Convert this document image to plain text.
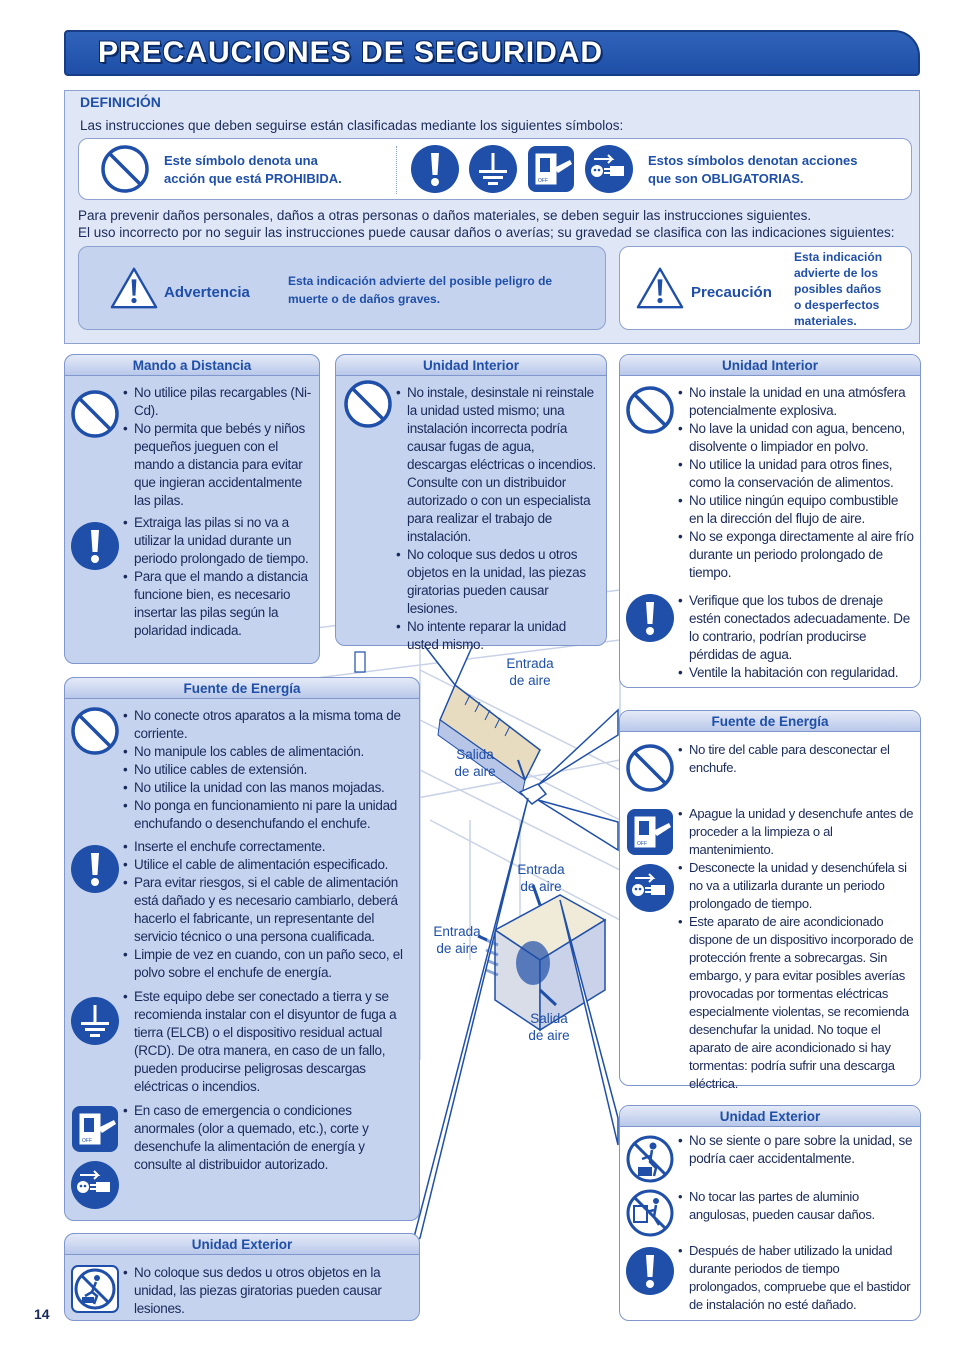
PRECAUCIONES DE SEGURIDAD
DEFINICIÓN
Las instrucciones que deben seguirse están clasificadas mediante los siguientes símbolos:
Este símbolo denota una
acción que está PROHIBIDA.
Estos símbolos denotan acciones
que son OBLIGATORIAS.
Para prevenir daños personales, daños a otras personas o daños materiales, se deben seguir las instrucciones siguientes.
El uso incorrecto por no seguir las instrucciones puede causar daños o averías; su gravedad se clasifica con las indicaciones siguientes:
Advertencia
Esta indicación advierte del posible peligro de
muerte o de daños graves.	Precaución
Esta indicación
advierte de los
posibles daños
o desperfectos
materiales.
Entrada
de aire
Salida
de aire
Entrada
de aire
Entrada
de aire
Salida
de aire
Mando a Distancia
• No utilice pilas recargables (Ni-Cd).
• No permita que bebés y niños pequeños jueguen con el mando a distancia para evitar que ingieran accidentalmente las pilas.
• Extraiga las pilas si no va a utilizar la unidad durante un periodo prolongado de tiempo.
• Para que el mando a distancia funcione bien, es necesario insertar las pilas según la polaridad indicada.
Unidad Interior
• No instale, desinstale ni reinstale la unidad usted mismo; una instalación incorrecta podría causar fugas de agua, descargas eléctricas o incendios. Consulte con un distribuidor autorizado o con un especialista para realizar el trabajo de instalación.
• No coloque sus dedos u otros objetos en la unidad, las piezas giratorias pueden causar lesiones.
• No intente reparar la unidad usted mismo.
Unidad Interior
• No instale la unidad en una atmósfera potencialmente explosiva.
• No lave la unidad con agua, benceno, disolvente o limpiador en polvo.
• No utilice la unidad para otros fines, como la conservación de alimentos.
• No utilice ningún equipo combustible en la dirección del flujo de aire.
• No se exponga directamente al aire frío durante un periodo prolongado de tiempo.
• Verifique que los tubos de drenaje estén conectados adecuadamente. De lo contrario, podrían producirse pérdidas de agua.
• Ventile la habitación con regularidad.
Fuente de Energía
• No conecte otros aparatos a la misma toma de corriente.
• No manipule los cables de alimentación.
• No utilice cables de extensión.
• No utilice la unidad con las manos mojadas.
• No ponga en funcionamiento ni pare la unidad enchufando o desenchufando el enchufe.
• Inserte el enchufe correctamente.
• Utilice el cable de alimentación especificado.
• Para evitar riesgos, si el cable de alimentación está dañado y es necesario cambiarlo, deberá hacerlo el fabricante, un representante del servicio técnico o una persona cualificada.
• Limpie de vez en cuando, con un paño seco, el polvo sobre el enchufe de energía.
• Este equipo debe ser conectado a tierra y se recomienda instalar con el disyuntor de fuga a tierra (ELCB) o el dispositivo residual actual (RCD). De otra manera, en caso de un fallo, pueden producirse peligrosas descargas eléctricas o incendios.
• En caso de emergencia o condiciones anormales (olor a quemado, etc.), corte y desenchufe la alimentación de energía y consulte al distribuidor autorizado.
Fuente de Energía
• No tire del cable para desconectar el enchufe.
• Apague la unidad y desenchufe antes de proceder a la limpieza o al mantenimiento.
• Desconecte la unidad y desenchúfela si no va a utilizarla durante un periodo prolongado de tiempo.
• Este aparato de aire acondicionado dispone de un dispositivo incorporado de protección frente a sobrecargas. Sin embargo, y para evitar posibles averías provocadas por tormentas eléctricas especialmente violentas, se recomienda desenchufar la unidad. No toque el aparato de aire acondicionado si hay tormentas: podría sufrir una descarga eléctrica.
Unidad Exterior
• No coloque sus dedos u otros objetos en la unidad, las piezas giratorias pueden causar lesiones.
Unidad Exterior
• No se siente o pare sobre la unidad, se podría caer accidentalmente.
• No tocar las partes de aluminio angulosas, pueden causar daños.
• Después de haber utilizado la unidad durante periodos de tiempo prolongados, compruebe que el bastidor de instalación no esté dañado.
14
